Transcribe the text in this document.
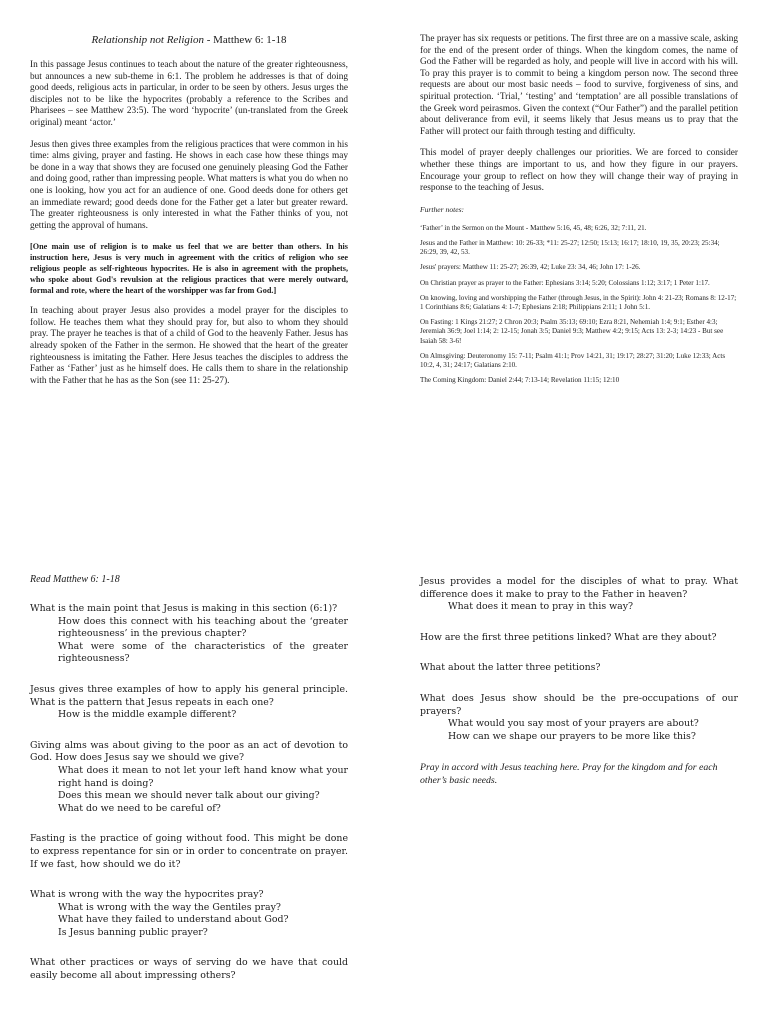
Relationship not Religion - Matthew 6: 1-18

In this passage Jesus continues to teach about the nature of the greater righteousness, but announces a new sub-theme in 6:1. The problem he addresses is that of doing good deeds, religious acts in particular, in order to be seen by others. Jesus urges the disciples not to be like the hypocrites (probably a reference to the Scribes and Pharisees – see Matthew 23:5). The word ‘hypocrite’ (un-translated from the Greek original) meant ‘actor.’

Jesus then gives three examples from the religious practices that were common in his time: alms giving, prayer and fasting. He shows in each case how these things may be done in a way that shows they are focused one genuinely pleasing God the Father and doing good, rather than impressing people. What matters is what you do when no one is looking, how you act for an audience of one. Good deeds done for others get an immediate reward; good deeds done for the Father get a later but greater reward. The greater righteousness is only interested in what the Father thinks of you, not getting the approval of humans.

[One main use of religion is to make us feel that we are better than others. In his instruction here, Jesus is very much in agreement with the critics of religion who see religious people as self-righteous hypocrites. He is also in agreement with the prophets, who spoke about God's revulsion at the religious practices that were merely outward, formal and rote, where the heart of the worshipper was far from God.]

In teaching about prayer Jesus also provides a model prayer for the disciples to follow. He teaches them what they should pray for, but also to whom they should pray. The prayer he teaches is that of a child of God to the heavenly Father. Jesus has already spoken of the Father in the sermon. He showed that the heart of the greater righteousness is imitating the Father. Here Jesus teaches the disciples to address the Father as ‘Father’ just as he himself does. He calls them to share in the relationship with the Father that he has as the Son (see 11: 25-27).

The prayer has six requests or petitions. The first three are on a massive scale, asking for the end of the present order of things. When the kingdom comes, the name of God the Father will be regarded as holy, and people will live in accord with his will. To pray this prayer is to commit to being a kingdom person now. The second three requests are about our most basic needs – food to survive, forgiveness of sins, and spiritual protection. ‘Trial,’ ‘testing’ and ‘temptation’ are all possible translations of the Greek word peirasmos. Given the context (“Our Father”) and the parallel petition about deliverance from evil, it seems likely that Jesus means us to pray that the Father will protect our faith through testing and difficulty.

This model of prayer deeply challenges our priorities. We are forced to consider whether these things are important to us, and how they figure in our prayers. Encourage your group to reflect on how they will change their way of praying in response to the teaching of Jesus.

Further notes:

‘Father’ in the Sermon on the Mount - Matthew 5:16, 45, 48; 6:26, 32; 7:11, 21.

Jesus and the Father in Matthew: 10: 26-33; *11: 25-27; 12:50; 15:13; 16:17; 18:10, 19, 35, 20:23; 25:34; 26:29, 39, 42, 53.

Jesus' prayers: Matthew 11: 25-27; 26:39, 42; Luke 23: 34, 46; John 17: 1-26.

On Christian prayer as prayer to the Father: Ephesians 3:14; 5:20; Colossians 1:12; 3:17; 1 Peter 1:17.

On knowing, loving and worshipping the Father (through Jesus, in the Spirit): John 4: 21-23; Romans 8: 12-17; 1 Corinthians 8:6; Galatians 4: 1-7; Ephesians 2:18; Philippians 2:11; 1 John 5:1.

On Fasting: 1 Kings 21:27; 2 Chron 20:3; Psalm 35:13; 69:10; Ezra 8:21, Nehemiah 1:4; 9:1; Esther 4:3; Jeremiah 36:9; Joel 1:14; 2: 12-15; Jonah 3:5; Daniel 9:3; Matthew 4:2; 9:15; Acts 13: 2-3; 14:23 - But see Isaiah 58: 3-6!

On Almsgiving: Deuteronomy 15: 7-11; Psalm 41:1; Prov 14:21, 31; 19:17; 28:27; 31:20; Luke 12:33; Acts 10:2, 4, 31; 24:17; Galatians 2:10.

The Coming Kingdom: Daniel 2:44; 7:13-14; Revelation 11:15; 12:10

Read Matthew 6: 1-18

What is the main point that Jesus is making in this section (6:1)?

How does this connect with his teaching about the ‘greater righteousness’ in the previous chapter?

What were some of the characteristics of the greater righteousness?

Jesus gives three examples of how to apply his general principle. What is the pattern that Jesus repeats in each one?

How is the middle example different?

Giving alms was about giving to the poor as an act of devotion to God. How does Jesus say we should we give?

What does it mean to not let your left hand know what your right hand is doing?

Does this mean we should never talk about our giving?

What do we need to be careful of?

Fasting is the practice of going without food. This might be done to express repentance for sin or in order to concentrate on prayer. If we fast, how should we do it?

What is wrong with the way the hypocrites pray?

What is wrong with the way the Gentiles pray?

What have they failed to understand about God?

Is Jesus banning public prayer?

What other practices or ways of serving do we have that could easily become all about impressing others?

Jesus provides a model for the disciples of what to pray. What difference does it make to pray to the Father in heaven?

What does it mean to pray in this way?

How are the first three petitions linked? What are they about?

What about the latter three petitions?

What does Jesus show should be the pre-occupations of our prayers?

What would you say most of your prayers are about?

How can we shape our prayers to be more like this?

Pray in accord with Jesus teaching here. Pray for the kingdom and for each other’s basic needs.
